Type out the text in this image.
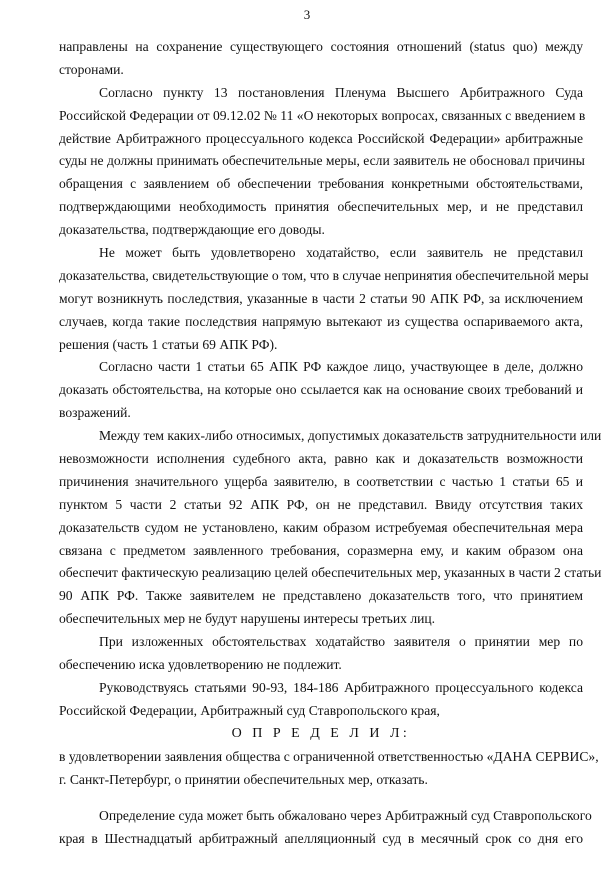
3
направлены на сохранение существующего состояния отношений (status quo) между
сторонами.
Согласно пункту 13 постановления Пленума Высшего Арбитражного Суда
Российской Федерации от 09.12.02 № 11 «О некоторых вопросах, связанных с введением в
действие Арбитражного процессуального кодекса Российской Федерации» арбитражные
суды не должны принимать обеспечительные меры, если заявитель не обосновал причины
обращения с заявлением об обеспечении требования конкретными обстоятельствами,
подтверждающими необходимость принятия обеспечительных мер, и не представил
доказательства, подтверждающие его доводы.
Не может быть удовлетворено ходатайство, если заявитель не представил
доказательства, свидетельствующие о том, что в случае непринятия обеспечительной меры
могут возникнуть последствия, указанные в части 2 статьи 90 АПК РФ, за исключением
случаев, когда такие последствия напрямую вытекают из существа оспариваемого акта,
решения (часть 1 статьи 69 АПК РФ).
Согласно части 1 статьи 65 АПК РФ каждое лицо, участвующее в деле, должно
доказать обстоятельства, на которые оно ссылается как на основание своих требований и
возражений.
Между тем каких-либо относимых, допустимых доказательств затруднительности или
невозможности исполнения судебного акта, равно как и доказательств возможности
причинения значительного ущерба заявителю, в соответствии с частью 1 статьи 65 и
пунктом 5 части 2 статьи 92 АПК РФ, он не представил. Ввиду отсутствия таких
доказательств судом не установлено, каким образом истребуемая обеспечительная мера
связана с предметом заявленного требования, соразмерна ему, и каким образом она
обеспечит фактическую реализацию целей обеспечительных мер, указанных в части 2 статьи
90 АПК РФ. Также заявителем не представлено доказательств того, что принятием
обеспечительных мер не будут нарушены интересы третьих лиц.
При изложенных обстоятельствах ходатайство заявителя о принятии мер по
обеспечению иска удовлетворению не подлежит.
Руководствуясь статьями 90-93, 184-186 Арбитражного процессуального кодекса
Российской Федерации, Арбитражный суд Ставропольского края,
О П Р Е Д Е Л И Л:
в удовлетворении заявления общества с ограниченной ответственностью «ДАНА СЕРВИС»,
г. Санкт-Петербург, о принятии обеспечительных мер, отказать.
Определение суда может быть обжаловано через Арбитражный суд Ставропольского
края в Шестнадцатый арбитражный апелляционный суд в месячный срок со дня его
